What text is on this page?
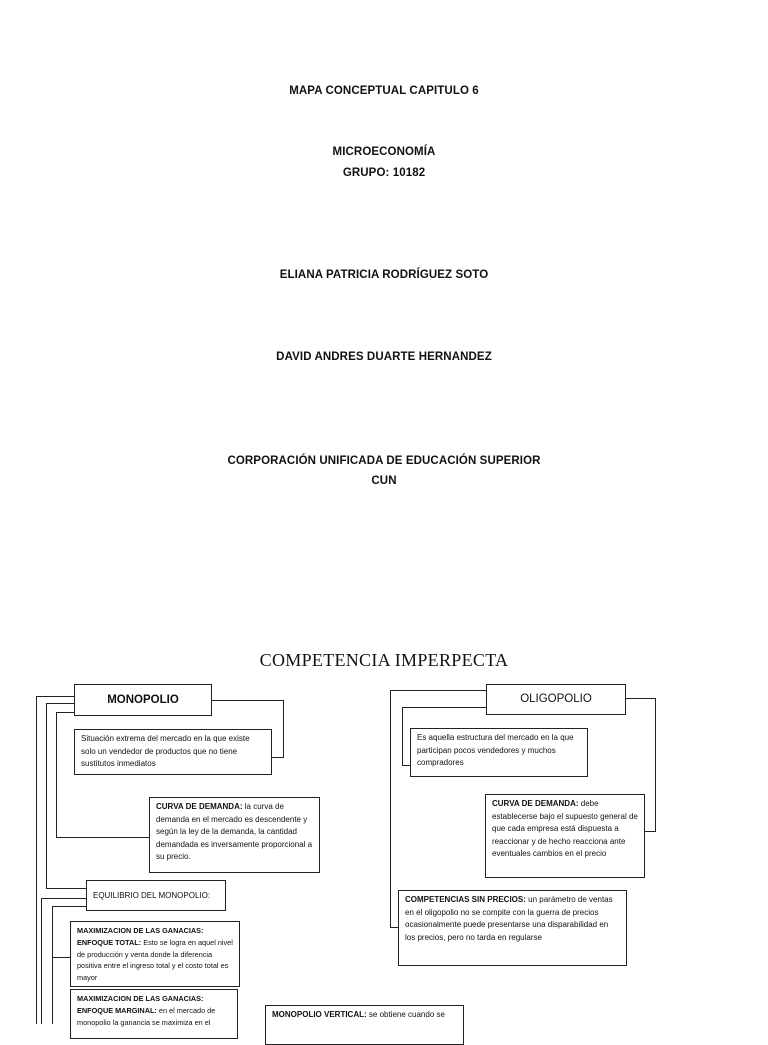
MAPA CONCEPTUAL CAPITULO 6
MICROECONOMÍA
GRUPO: 10182
ELIANA PATRICIA RODRÍGUEZ SOTO
DAVID ANDRES DUARTE HERNANDEZ
CORPORACIÓN UNIFICADA DE EDUCACIÓN SUPERIOR
CUN
COMPETENCIA IMPERPECTA
MONOPOLIO
Situación extrema del mercado en la que existe solo un vendedor de productos que no tiene sustitutos inmediatos
CURVA DE DEMANDA: la curva de demanda en el mercado es descendente y según la ley de la demanda, la cantidad demandada es inversamente proporcional a su precio.
EQUILIBRIO DEL MONOPOLIO:
MAXIMIZACION DE LAS GANACIAS: ENFOQUE TOTAL: Esto se logra en aquel nivel de producción y venta donde la diferencia positiva entre el ingreso total y el costo total es mayor
MAXIMIZACION DE LAS GANACIAS: ENFOQUE MARGINAL: en el mercado de monopolio la ganancia se maximiza en el
MONOPOLIO VERTICAL: se obtiene cuando se
OLIGOPOLIO
Es aquella estructura del mercado en la que participan pocos vendedores y muchos compradores
CURVA DE DEMANDA: debe establecerse bajo el supuesto general de que cada empresa está dispuesta a reaccionar y de hecho reacciona ante eventuales cambios en el precio
COMPETENCIAS SIN PRECIOS: un parámetro de ventas en el oligopolio no se compite con la guerra de precios ocasionalmente puede presentarse una disparabilidad en los precios, pero no tarda en regularse
